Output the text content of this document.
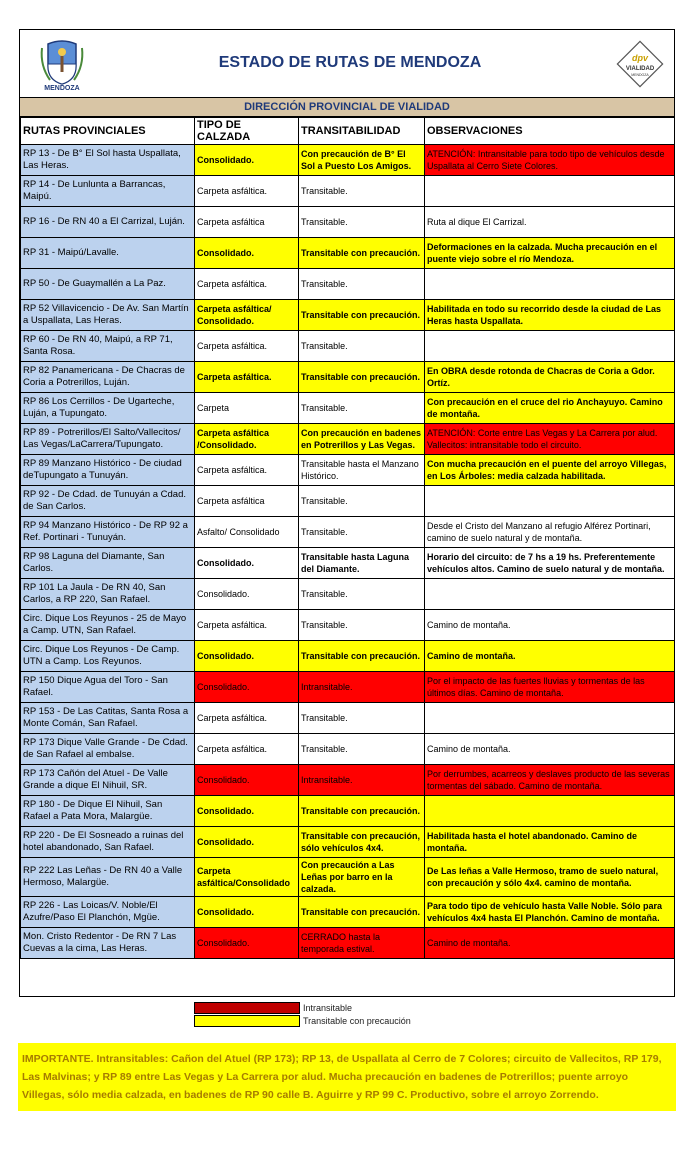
MENDOZA
ESTADO DE RUTAS DE MENDOZA	dpv
VIALIDAD
MENDOZA
DIRECCIÓN PROVINCIAL DE VIALIDAD
RUTAS PROVINCIALES	TIPO DE CALZADA	TRANSITABILIDAD	OBSERVACIONES
RP 13 - De B° El Sol hasta Uspallata, Las Heras.	Consolidado.	Con precaución de B° El Sol a Puesto Los Amigos.	ATENCIÓN: Intransitable para todo tipo de vehículos desde Uspallata al Cerro Siete Colores.
RP 14 - De Lunlunta a Barrancas, Maipú.	Carpeta asfáltica.	Transitable.	
RP 16 - De RN 40 a El Carrizal, Luján.	Carpeta asfáltica	Transitable.	Ruta al dique El Carrizal.
RP 31 - Maipú/Lavalle.	Consolidado.	Transitable con precaución.	Deformaciones en la calzada. Mucha precaución en el puente viejo sobre el río Mendoza.
RP 50 - De Guaymallén a La Paz.	Carpeta asfáltica.	Transitable.	
RP 52 Villavicencio - De Av. San Martín a Uspallata, Las Heras.	Carpeta asfáltica/ Consolidado.	Transitable con precaución.	Habilitada en todo su recorrido desde la ciudad de Las Heras hasta Uspallata.
RP 60 - De RN 40, Maipú, a RP 71, Santa Rosa.	Carpeta asfáltica.	Transitable.	
RP 82 Panamericana - De Chacras de Coria a Potrerillos, Luján.	Carpeta asfáltica.	Transitable con precaución.	En OBRA desde rotonda de Chacras de Coria a Gdor. Ortíz.
RP 86 Los Cerrillos - De Ugarteche, Luján, a Tupungato.	Carpeta	Transitable.	Con precaución en el cruce del rio Anchayuyo. Camino de montaña.
RP 89 - Potrerillos/El Salto/Vallecitos/ Las Vegas/LaCarrera/Tupungato.	Carpeta asfáltica /Consolidado.	Con precaución en badenes en Potrerillos y Las Vegas.	ATENCIÓN: Corte entre Las Vegas y La Carrera por alud. Vallecitos: intransitable todo el circuito.
RP 89 Manzano Histórico - De ciudad deTupungato a Tunuyán.	Carpeta asfáltica.	Transitable hasta el Manzano Histórico.	Con mucha precaución en el puente del arroyo Villegas, en Los Árboles: media calzada habilitada.
RP 92 - De Cdad. de Tunuyán a Cdad. de San Carlos.	Carpeta asfáltica	Transitable.	
RP 94 Manzano Histórico - De RP 92 a Ref. Portinari - Tunuyán.	Asfalto/ Consolidado	Transitable.	Desde el Cristo del Manzano al refugio Alférez Portinari, camino de suelo natural y de montaña.
RP 98 Laguna del Diamante, San Carlos.	Consolidado.	Transitable hasta Laguna del Diamante.	Horario del circuito: de 7 hs a 19 hs. Preferentemente vehículos altos. Camino de suelo natural y de montaña.
RP 101 La Jaula - De RN 40, San Carlos, a RP 220, San Rafael.	Consolidado.	Transitable.	
Circ. Dique Los Reyunos - 25 de Mayo a Camp. UTN, San Rafael.	Carpeta asfáltica.	Transitable.	Camino de montaña.
Circ. Dique Los Reyunos - De Camp. UTN a Camp. Los Reyunos.	Consolidado.	Transitable con precaución.	Camino de montaña.
RP 150 Dique Agua del Toro - San Rafael.	Consolidado.	Intransitable.	Por el impacto de las fuertes lluvias y tormentas de las últimos días. Camino de montaña.
RP 153 - De Las Catitas, Santa Rosa a Monte Comán, San Rafael.	Carpeta asfáltica.	Transitable.	
RP 173 Dique Valle Grande - De Cdad. de San Rafael al embalse.	Carpeta asfáltica.	Transitable.	Camino de montaña.
RP 173 Cañón del Atuel - De Valle Grande a dique El Nihuil, SR.	Consolidado.	Intransitable.	Por derrumbes, acarreos y deslaves producto de las severas tormentas del sábado. Camino de montaña.
RP 180 - De Dique El Nihuil, San Rafael a Pata Mora, Malargüe.	Consolidado.	Transitable con precaución.	
RP 220 - De El Sosneado a ruinas del hotel abandonado, San Rafael.	Consolidado.	Transitable con precaución, sólo vehículos 4x4.	Habilitada hasta el hotel abandonado. Camino de montaña.
RP 222 Las Leñas - De RN 40 a Valle Hermoso, Malargüe.	Carpeta asfáltica/Consolidado	Con precaución a Las Leñas por barro en la calzada.	De Las leñas a Valle Hermoso, tramo de suelo natural, con precaución y sólo 4x4. camino de montaña.
RP 226 - Las Loicas/V. Noble/El Azufre/Paso El Planchón, Mgüe.	Consolidado.	Transitable con precaución.	Para todo tipo de vehículo hasta Valle Noble. Sólo para vehículos 4x4 hasta El Planchón. Camino de montaña.
Mon. Cristo Redentor - De RN 7 Las Cuevas a la cima, Las Heras.	Consolidado.	CERRADO hasta la temporada estival.	Camino de montaña.
Intransitable
Transitable con precaución
IMPORTANTE. Intransitables: Cañon del Atuel (RP 173); RP 13, de Uspallata al Cerro de 7 Colores; circuito de Vallecitos, RP 179, Las Malvinas; y RP 89 entre Las Vegas y La Carrera por alud. Mucha precaución en badenes de Potrerillos; puente arroyo Villegas, sólo media calzada, en badenes de RP 90 calle B. Aguirre y RP 99 C. Productivo, sobre el arroyo Zorrendo.
